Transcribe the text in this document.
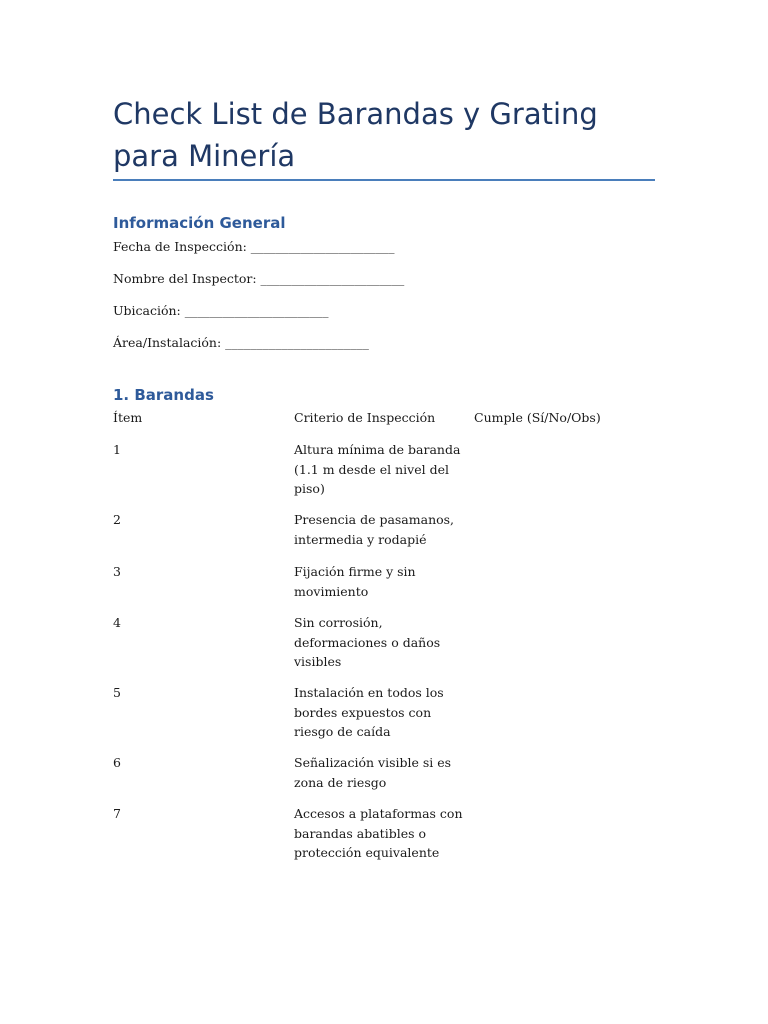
Check List de Barandas y Grating para Minería
Información General
Fecha de Inspección: _______________________
Nombre del Inspector: _______________________
Ubicación: _______________________
Área/Instalación: _______________________
1. Barandas
Ítem	Criterio de Inspección	Cumple (Sí/No/Obs)
1	Altura mínima de baranda (1.1 m desde el nivel del piso)
2	Presencia de pasamanos, intermedia y rodapié
3	Fijación firme y sin movimiento
4	Sin corrosión, deformaciones o daños visibles
5	Instalación en todos los bordes expuestos con riesgo de caída
6	Señalización visible si es zona de riesgo
7	Accesos a plataformas con barandas abatibles o protección equivalente
